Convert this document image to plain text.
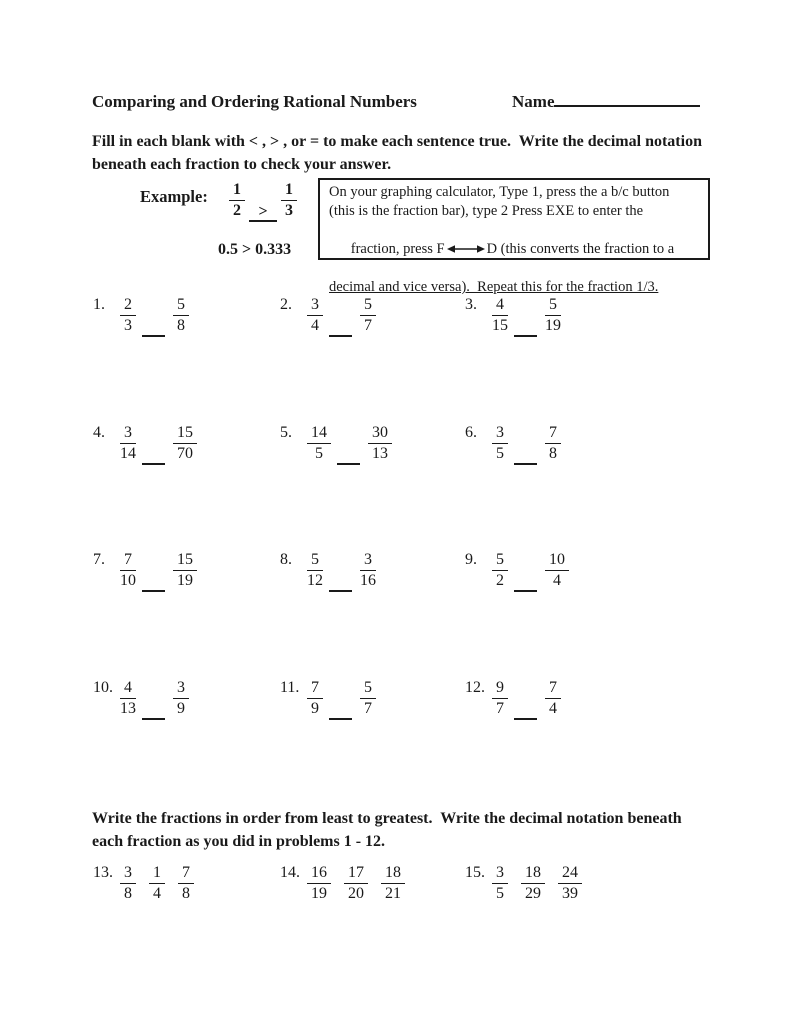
Comparing and Ordering Rational Numbers	Name
Fill in each blank with < , > , or = to make each sentence true.  Write the decimal notation
beneath each fraction to check your answer.
Example: $\frac{1}{2} > \frac{1}{3}$
0.5 > 0.333
On your graphing calculator, Type 1, press the a b/c button
(this is the fraction bar), type 2 Press EXE to enter the

fraction, press F	D (this converts the fraction to a

decimal and vice versa).  Repeat this for the fraction 1/3.
1. $\frac{2}{3} \frac{5}{8}$	2. $\frac{3}{4} \frac{5}{7}$	3. $\frac{4}{15} \frac{5}{19}$
4. $\frac{3}{14} \frac{15}{70}$	5. $\frac{14}{5} \frac{30}{13}$	6. $\frac{3}{5} \frac{7}{8}$
7. $\frac{7}{10} \frac{15}{19}$	8. $\frac{5}{12} \frac{3}{16}$	9. $\frac{5}{2} \frac{10}{4}$
10. $\frac{4}{13} \frac{3}{9}$	11. $\frac{7}{9} \frac{5}{7}$	12. $\frac{9}{7} \frac{7}{4}$
Write the fractions in order from least to greatest.  Write the decimal notation beneath
each fraction as you did in problems 1 - 12.
13. $\frac{3}{8} \frac{1}{4} \frac{7}{8}$	14. $\frac{16}{19} \frac{17}{20} \frac{18}{21}$	15. $\frac{3}{5} \frac{18}{29} \frac{24}{39}$
